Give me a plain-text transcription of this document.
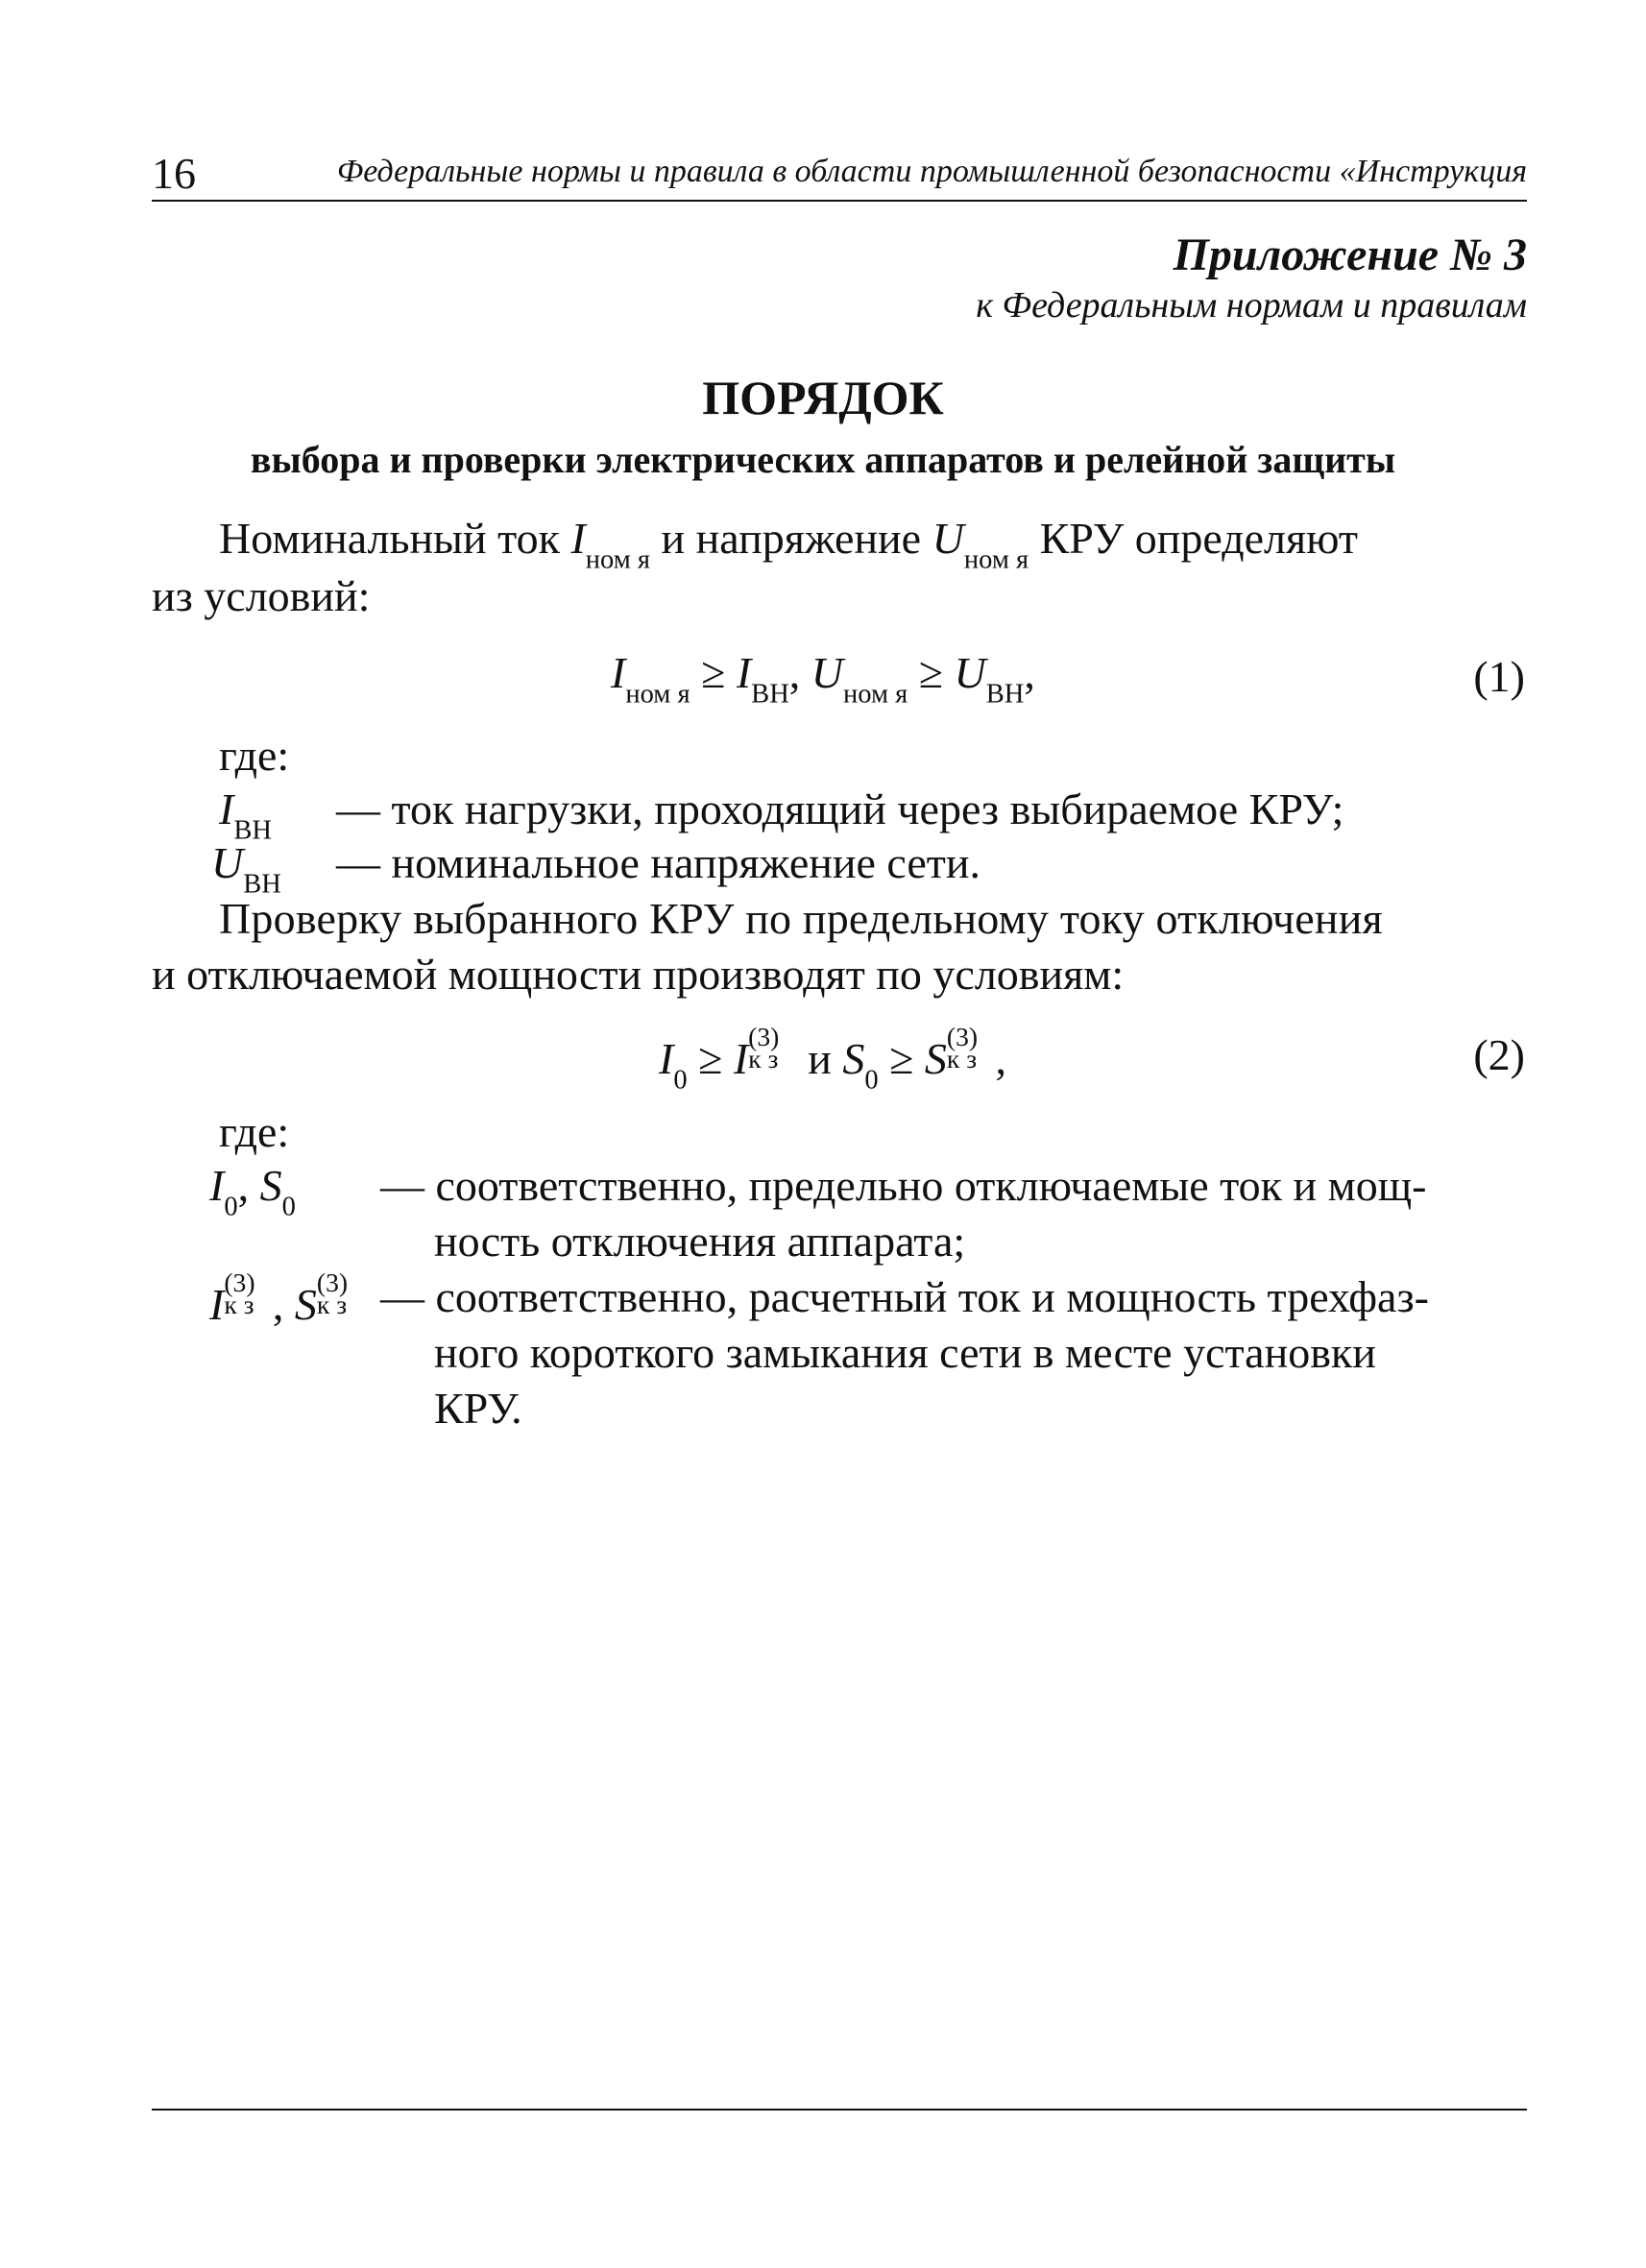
16	Федеральные нормы и правила в области промышленной безопасности «Инструкция
Приложение № 3
к Федеральным нормам и правилам
ПОРЯДОК
выбора и проверки электрических аппаратов и релейной защиты
Номинальный ток $I_{ном я}$ и напряжение $U_{ном я}$ КРУ определяют
из условий:
$I_{ном я} \ge I_{ВН}$, $U_{ном я} \ge U_{ВН}$,	(1)
где:
$I_{ВН}$ — ток нагрузки, проходящий через выбираемое КРУ;
$U_{ВН}$ — номинальное напряжение сети.
Проверку выбранного КРУ по предельному току отключения
и отключаемой мощности производят по условиям:
$I_0 \ge I$ (3)
к з и $S_0 \ge S$ (3)
к з ,	(2)
где:
$I_0$, $S_0$ — соответственно, предельно отключаемые ток и мощ-
ность отключения аппарата;
I (3)
к з , S (3)
к з — соответственно, расчетный ток и мощность трехфаз-
ного короткого замыкания сети в месте установки
КРУ.
